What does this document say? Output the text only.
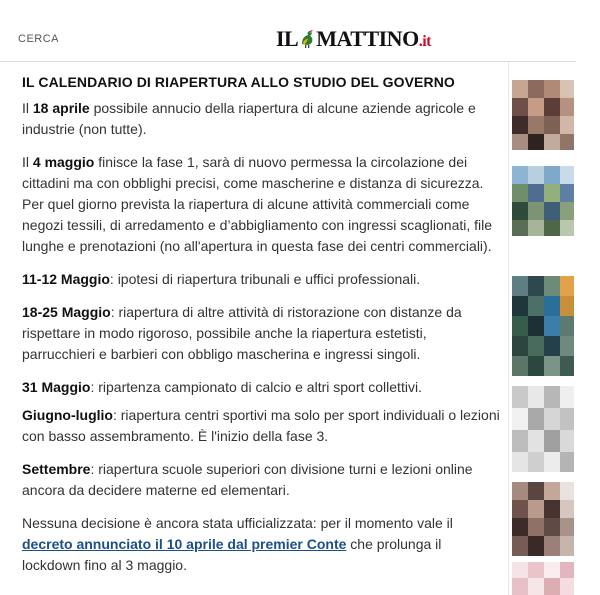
CERCA	IL MATTINO.it
IL CALENDARIO DI RIAPERTURA ALLO STUDIO DEL GOVERNO

Il 18 aprile possibile annucio della riapertura di alcune aziende agricole e industrie (non tutte).

Il 4 maggio finisce la fase 1, sarà di nuovo permessa la circolazione dei cittadini ma con obblighi precisi, come mascherine e distanza di sicurezza. Per quel giorno prevista la riapertura di alcune attività commerciali come negozi tessili, di arredamento e d’abbigliamento con ingressi scaglionati, file lunghe e prenotazioni (no all'apertura in questa fase dei centri commerciali).

11-12 Maggio: ipotesi di riapertura tribunali e uffici professionali.

18-25 Maggio: riapertura di altre attività di ristorazione con distanze da rispettare in modo rigoroso, possibile anche la riapertura estetisti, parrucchieri e barbieri con obbligo mascherina e ingressi singoli.

31 Maggio: ripartenza campionato di calcio e altri sport collettivi.

Giugno-luglio: riapertura centri sportivi ma solo per sport individuali o lezioni con basso assembramento. È l'inizio della fase 3.

Settembre: riapertura scuole superiori con divisione turni e lezioni online ancora da decidere materne ed elementari.

Nessuna decisione è ancora stata ufficializzata: per il momento vale il decreto annunciato il 10 aprile dal premier Conte che prolunga il lockdown fino al 3 maggio.
